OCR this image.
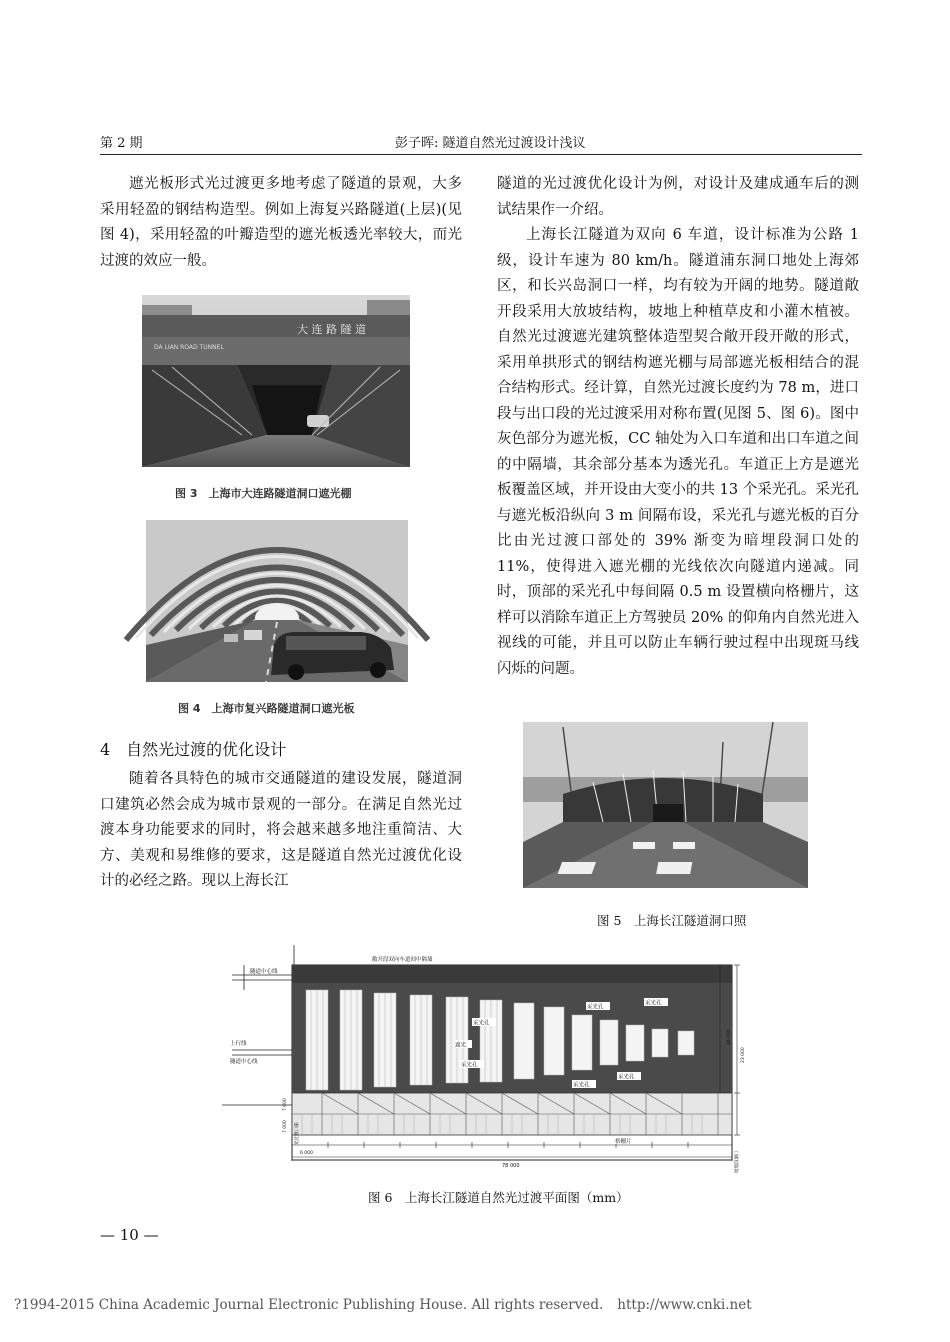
第 2 期	彭子晖: 隧道自然光过渡设计浅议

遮光板形式光过渡更多地考虑了隧道的景观，大多采用轻盈的钢结构造型。例如上海复兴路隧道(上层)(见图 4)，采用轻盈的叶瓣造型的遮光板透光率较大，而光过渡的效应一般。

大 连 路 隧 道
DA LIAN ROAD TUNNEL
图 3　上海市大连路隧道洞口遮光棚
图 4　上海市复兴路隧道洞口遮光板
4　自然光过渡的优化设计

随着各具特色的城市交通隧道的建设发展，隧道洞口建筑必然会成为城市景观的一部分。在满足自然光过渡本身功能要求的同时，将会越来越多地注重简洁、大方、美观和易维修的要求，这是隧道自然光过渡优化设计的必经之路。现以上海长江

隧道的光过渡优化设计为例，对设计及建成通车后的测试结果作一介绍。

上海长江隧道为双向 6 车道，设计标准为公路 1 级，设计车速为 80 km/h。隧道浦东洞口地处上海郊区，和长兴岛洞口一样，均有较为开阔的地势。隧道敞开段采用大放坡结构，坡地上种植草皮和小灌木植被。自然光过渡遮光建筑整体造型契合敞开段开敞的形式，采用单拱形式的钢结构遮光棚与局部遮光板相结合的混合结构形式。经计算，自然光过渡长度约为 78 m，进口段与出口段的光过渡采用对称布置(见图 5、图 6)。图中灰色部分为遮光板，CC 轴处为入口车道和出口车道之间的中隔墙，其余部分基本为透光孔。车道正上方是遮光板覆盖区域，并开设由大变小的共 13 个采光孔。采光孔与遮光板沿纵向 3 m 间隔布设，采光孔与遮光板的百分比由光过渡口部处的 39% 渐变为暗埋段洞口处的 11%，使得进入遮光棚的光线依次向隧道内递减。同时，顶部的采光孔中每间隔 0.5 m 设置横向格栅片，这样可以消除车道正上方驾驶员 20% 的仰角内自然光进入视线的可能，并且可以防止车辆行驶过程中出现斑马线闪烁的问题。

图 5　上海长江隧道洞口照
隧道中心线
敞开段双向车道间中隔墙
上行线
隧道中心线
采光孔
采光孔
采光孔
采光孔
采光孔
采光孔
遮光
格栅片
6 000
78 000
16 000
23 000
7 000
7 000	光过渡口部
暗埋段洞口
图 6　上海长江隧道自然光过渡平面图（mm）
— 10 —
?1994-2015 China Academic Journal Electronic Publishing House. All rights reserved. http://www.cnki.net
